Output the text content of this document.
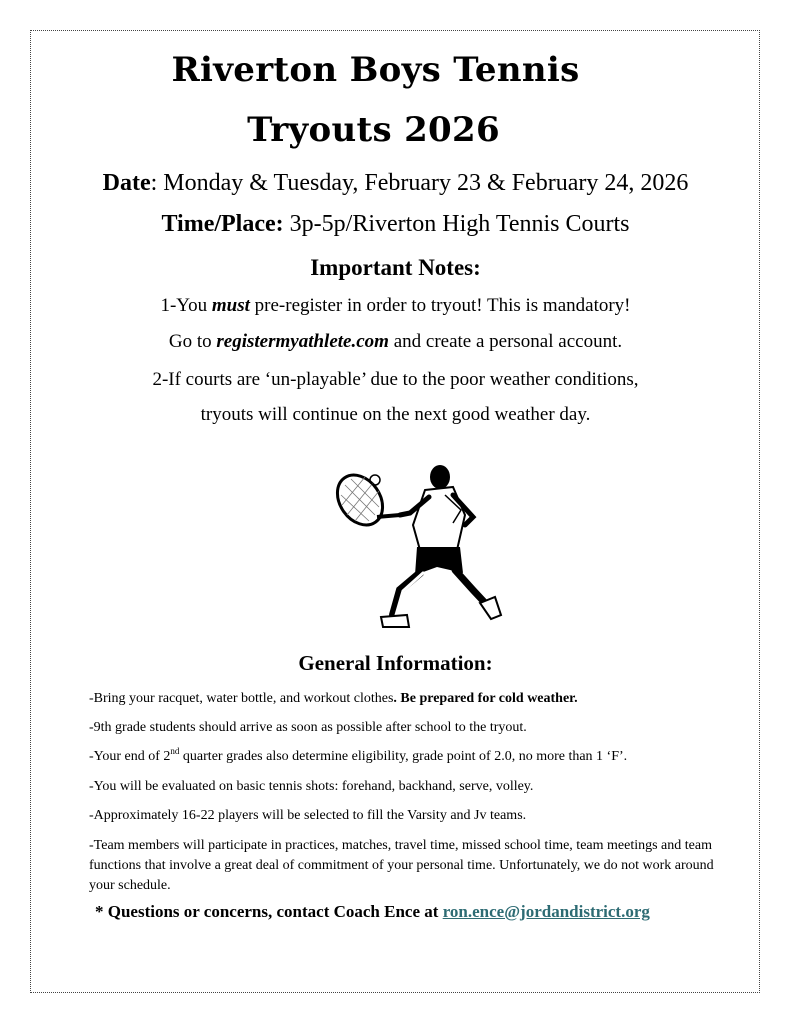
Riverton Boys Tennis
Tryouts 2026
Date: Monday & Tuesday, February 23 & February 24, 2026
Time/Place: 3p-5p/Riverton High Tennis Courts
Important Notes:
1-You must pre-register in order to tryout! This is mandatory!
Go to registermyathlete.com and create a personal account.
2-If courts are ‘un-playable’ due to the poor weather conditions,
tryouts will continue on the next good weather day.
General Information:
-Bring your racquet, water bottle, and workout clothes. Be prepared for cold weather.
-9th grade students should arrive as soon as possible after school to the tryout.
-Your end of 2nd quarter grades also determine eligibility, grade point of 2.0, no more than 1 ‘F’.
-You will be evaluated on basic tennis shots: forehand, backhand, serve, volley.
-Approximately 16-22 players will be selected to fill the Varsity and Jv teams.
-Team members will participate in practices, matches, travel time, missed school time, team meetings and team functions that involve a great deal of commitment of your personal time. Unfortunately, we do not work around your schedule.
* Questions or concerns, contact Coach Ence at ron.ence@jordandistrict.org
